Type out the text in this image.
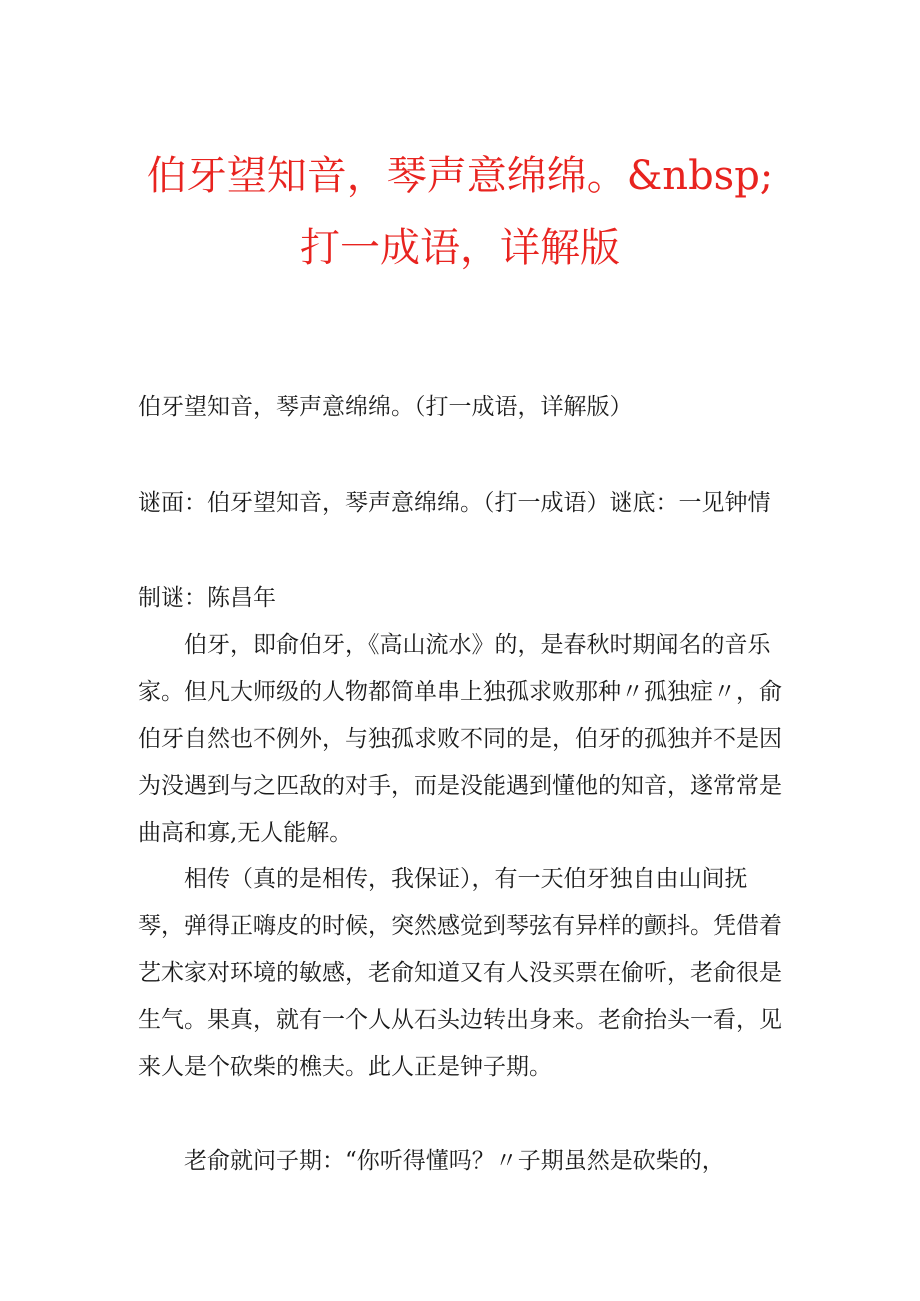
伯牙望知音，琴声意绵绵。&nbsp;打一成语，详解版

伯牙望知音，琴声意绵绵。（打一成语，详解版）

谜面：伯牙望知音，琴声意绵绵。（打一成语）谜底：一见钟情

制谜：陈昌年

伯牙，即俞伯牙，《高山流水》的，是春秋时期闻名的音乐家。但凡大师级的人物都简单串上独孤求败那种〃孤独症〃，俞伯牙自然也不例外，与独孤求败不同的是，伯牙的孤独并不是因为没遇到与之匹敌的对手，而是没能遇到懂他的知音，遂常常是曲高和寡,无人能解。

相传（真的是相传，我保证），有一天伯牙独自由山间抚琴，弹得正嗨皮的时候，突然感觉到琴弦有异样的颤抖。凭借着艺术家对环境的敏感，老俞知道又有人没买票在偷听，老俞很是生气。果真，就有一个人从石头边转出身来。老俞抬头一看，见来人是个砍柴的樵夫。此人正是钟子期。

老俞就问子期：“你听得懂吗？〃子期虽然是砍柴的，
